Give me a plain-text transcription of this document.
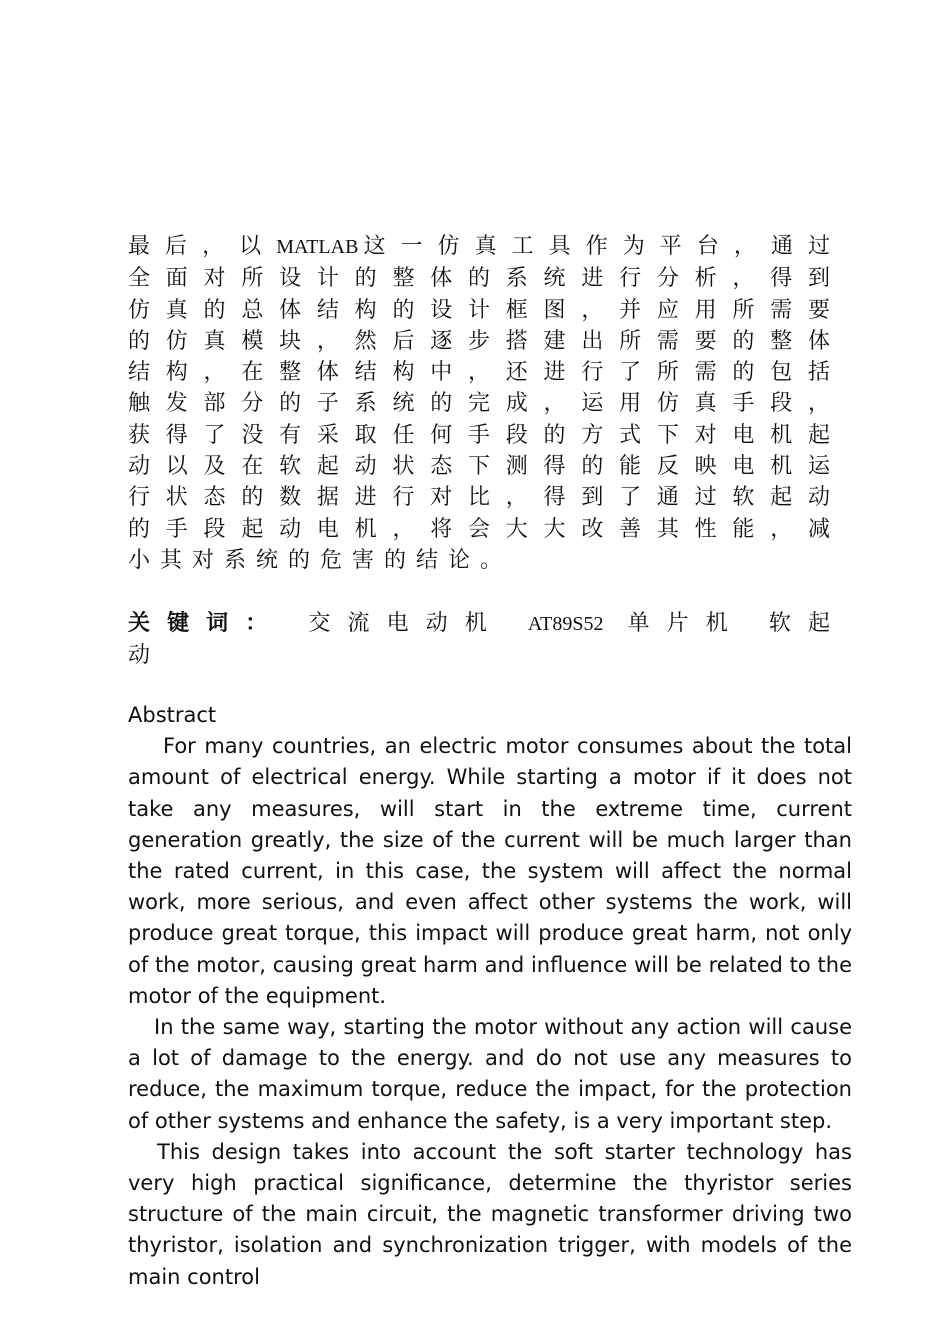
最后，以MATLAB这一仿真工具作为平台，通过
全面对所设计的整体的系统进行分析，得到
仿真的总体结构的设计框图，并应用所需要
的仿真模块，然后逐步搭建出所需要的整体
结构，在整体结构中，还进行了所需的包括
触发部分的子系统的完成，运用仿真手段，
获得了没有采取任何手段的方式下对电机起
动以及在软起动状态下测得的能反映电机运
行状态的数据进行对比，得到了通过软起动
的手段起动电机，将会大大改善其性能，减
小其对系统的危害的结论。
关键词： 交流电动机 AT89S52 单片机 软起
动
Abstract

For many countries, an electric motor consumes about the total amount of electrical energy. While starting a motor if it does not take any measures, will start in the extreme time, current generation greatly, the size of the current will be much larger than the rated current, in this case, the system will affect the normal work, more serious, and even affect other systems the work, will produce great torque, this impact will produce great harm, not only of the motor, causing great harm and influence will be related to the motor of the equipment.

In the same way, starting the motor without any action will cause a lot of damage to the energy. and do not use any measures to reduce, the maximum torque, reduce the impact, for the protection of other systems and enhance the safety, is a very important step.

This design takes into account the soft starter technology has very high practical significance, determine the thyristor series structure of the main circuit, the magnetic transformer driving two thyristor, isolation and synchronization trigger, with models of the main control
